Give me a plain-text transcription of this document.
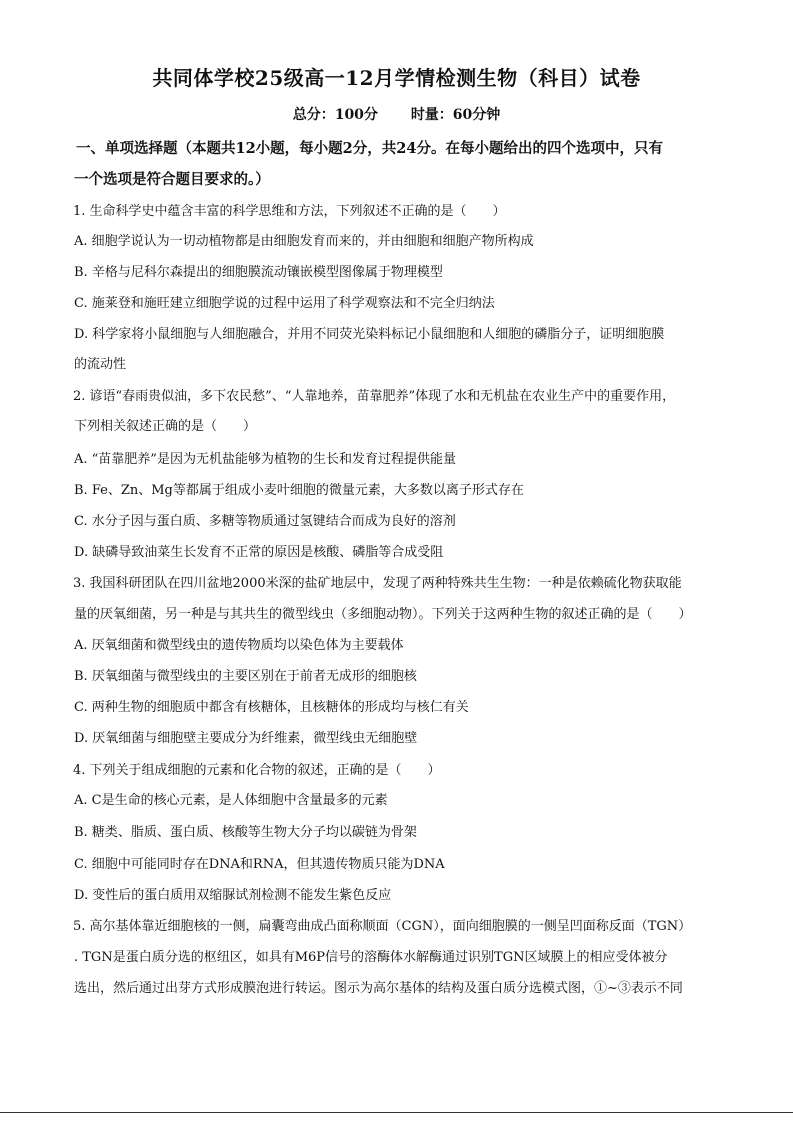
共同体学校25级高一12月学情检测生物（科目）试卷
总分：100分 时量：60分钟
一、单项选择题（本题共12小题，每小题2分，共24分。在每小题给出的四个选项中，只有
一个选项是符合题目要求的。）
1. 生命科学史中蕴含丰富的科学思维和方法，下列叙述不正确的是（　　）
A. 细胞学说认为一切动植物都是由细胞发育而来的，并由细胞和细胞产物所构成
B. 辛格与尼科尔森提出的细胞膜流动镶嵌模型图像属于物理模型
C. 施莱登和施旺建立细胞学说的过程中运用了科学观察法和不完全归纳法
D. 科学家将小鼠细胞与人细胞融合，并用不同荧光染料标记小鼠细胞和人细胞的磷脂分子，证明细胞膜
的流动性
2. 谚语“春雨贵似油，多下农民愁”、“人靠地养，苗靠肥养”体现了水和无机盐在农业生产中的重要作用，
下列相关叙述正确的是（　　）
A. “苗靠肥养”是因为无机盐能够为植物的生长和发育过程提供能量
B. Fe、Zn、Mg等都属于组成小麦叶细胞的微量元素，大多数以离子形式存在
C. 水分子因与蛋白质、多糖等物质通过氢键结合而成为良好的溶剂
D. 缺磷导致油菜生长发育不正常的原因是核酸、磷脂等合成受阻
3. 我国科研团队在四川盆地2000米深的盐矿地层中，发现了两种特殊共生生物：一种是依赖硫化物获取能
量的厌氧细菌，另一种是与其共生的微型线虫（多细胞动物）。下列关于这两种生物的叙述正确的是（　　）
A. 厌氧细菌和微型线虫的遗传物质均以染色体为主要载体
B. 厌氧细菌与微型线虫的主要区别在于前者无成形的细胞核
C. 两种生物的细胞质中都含有核糖体，且核糖体的形成均与核仁有关
D. 厌氧细菌与细胞壁主要成分为纤维素，微型线虫无细胞壁
4. 下列关于组成细胞的元素和化合物的叙述，正确的是（　　）
A. C是生命的核心元素，是人体细胞中含量最多的元素
B. 糖类、脂质、蛋白质、核酸等生物大分子均以碳链为骨架
C. 细胞中可能同时存在DNA和RNA，但其遗传物质只能为DNA
D. 变性后的蛋白质用双缩脲试剂检测不能发生紫色反应
5. 高尔基体靠近细胞核的一侧，扁囊弯曲成凸面称顺面（CGN），面向细胞膜的一侧呈凹面称反面（TGN）
. TGN是蛋白质分选的枢纽区，如具有M6P信号的溶酶体水解酶通过识别TGN区域膜上的相应受体被分
选出，然后通过出芽方式形成膜泡进行转运。图示为高尔基体的结构及蛋白质分选模式图，①~③表示不同
